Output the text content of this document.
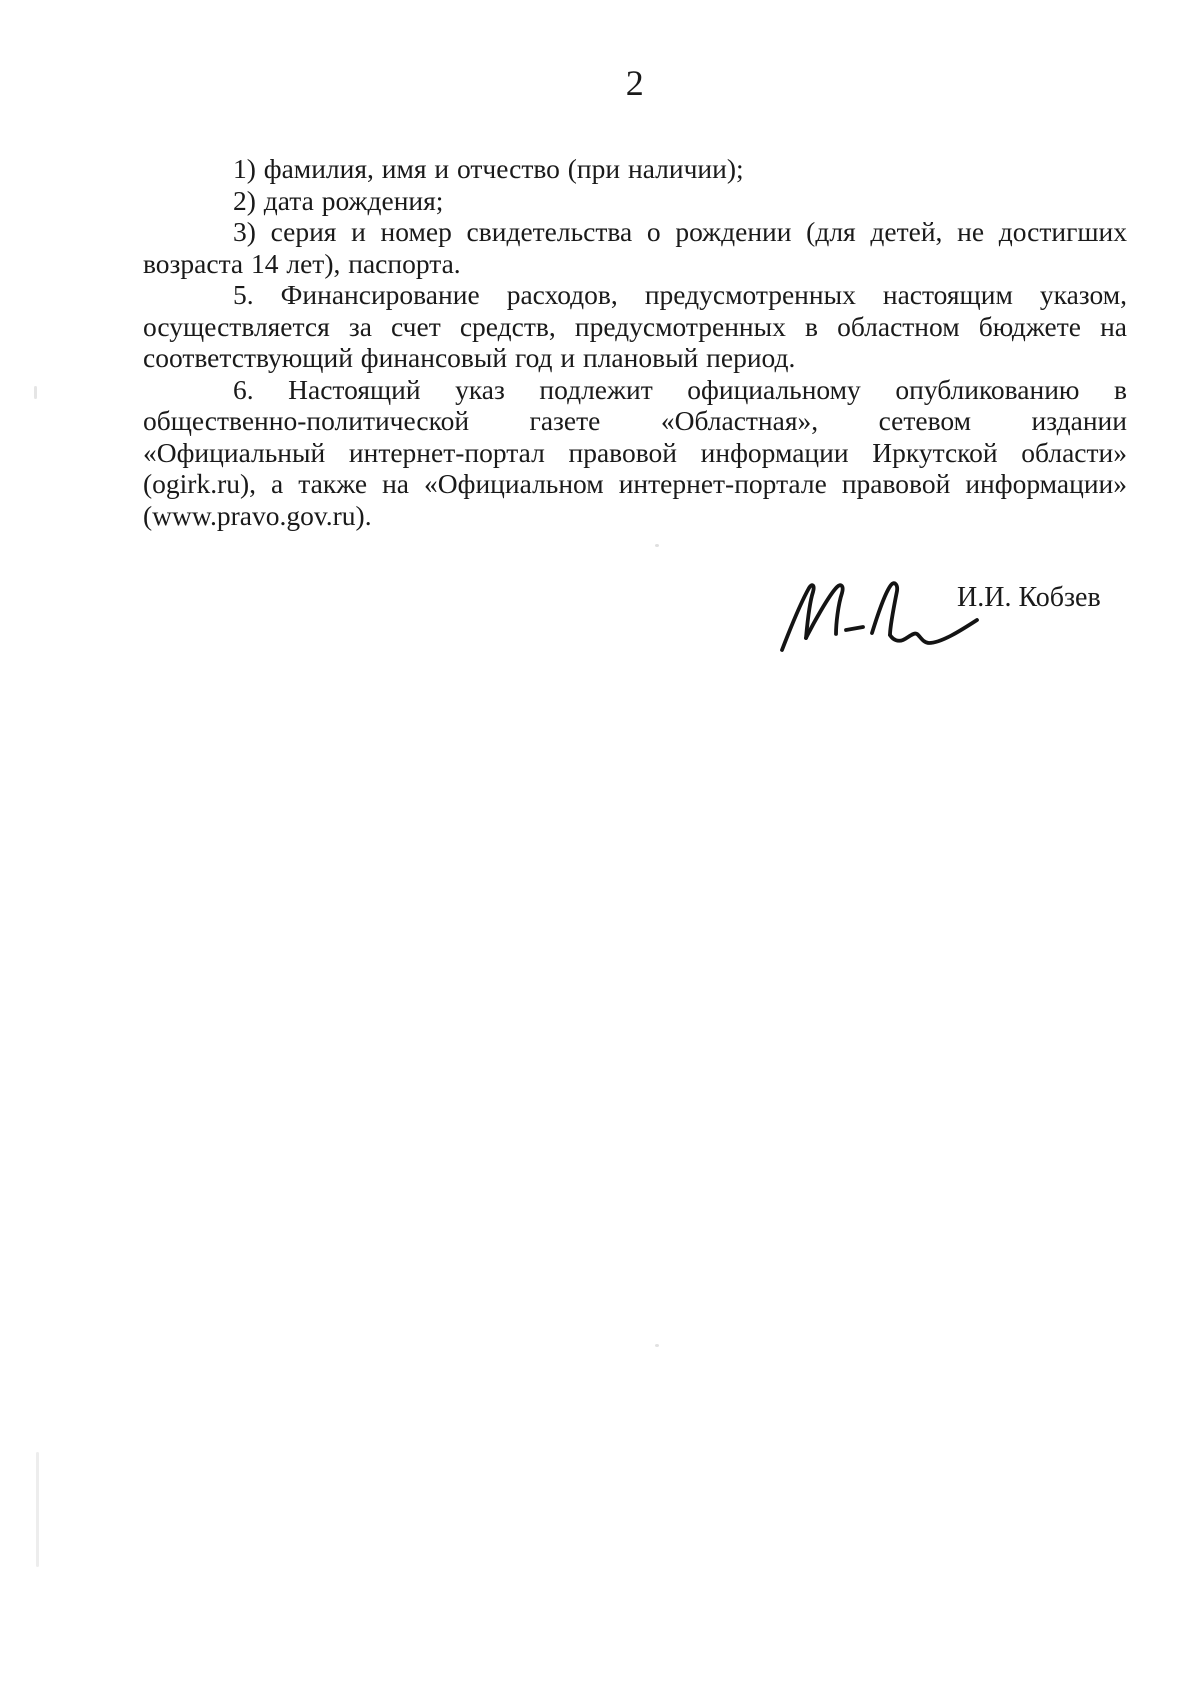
2
1) фамилия, имя и отчество (при наличии);
2) дата рождения;
3) серия и номер свидетельства о рождении (для детей, не достигших
возраста 14 лет), паспорта.
5. Финансирование расходов, предусмотренных настоящим указом,
осуществляется за счет средств, предусмотренных в областном бюджете на
соответствующий финансовый год и плановый период.
6. Настоящий указ подлежит официальному опубликованию в
общественно-политической газете «Областная», сетевом издании
«Официальный интернет-портал правовой информации Иркутской области»
(ogirk.ru), а также на «Официальном интернет-портале правовой информации»
(www.pravo.gov.ru).
И.И. Кобзев
